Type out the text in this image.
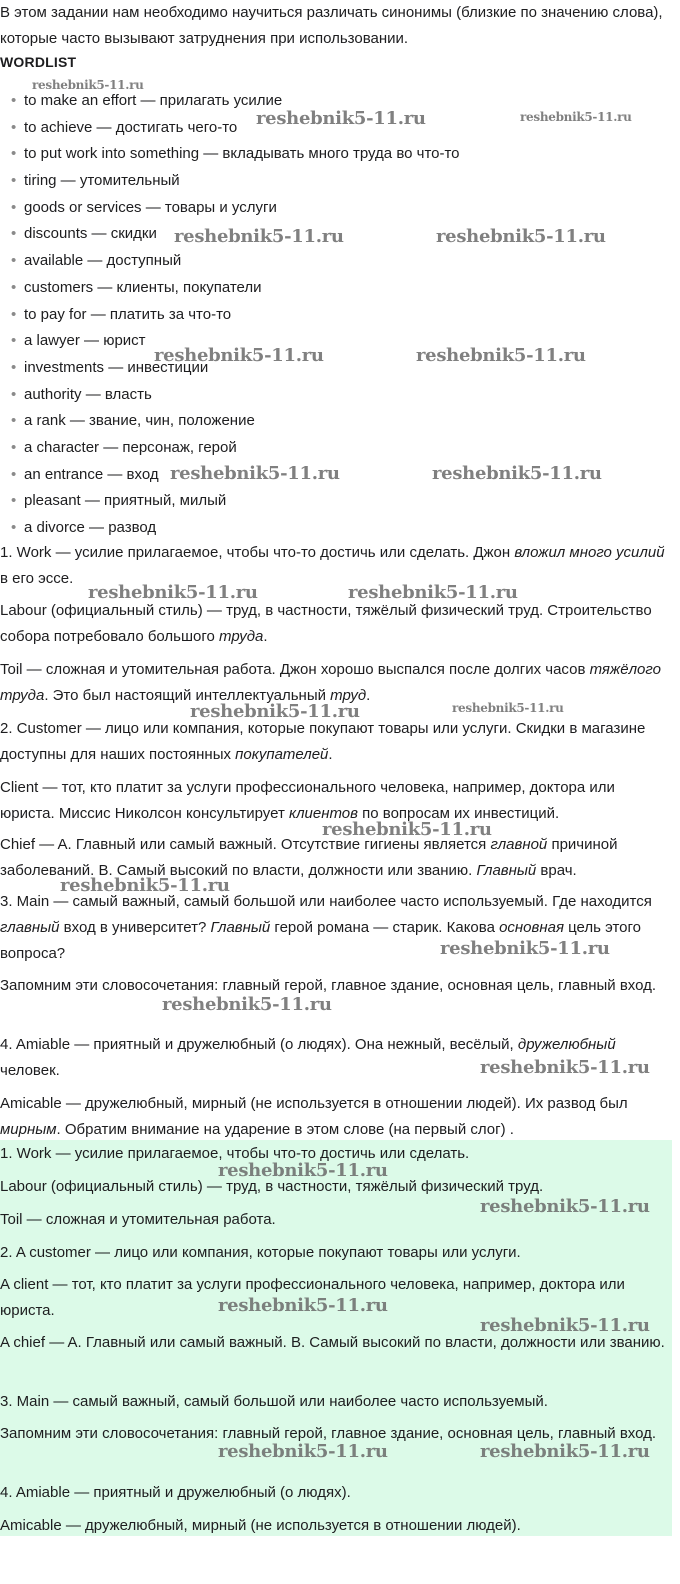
В этом задании нам необходимо научиться различать синонимы (близкие по значению слова), которые часто вызывают затруднения при использовании.

WORDLIST

• to make an effort — прилагать усилие
• to achieve — достигать чего-то
• to put work into something — вкладывать много труда во что-то
• tiring — утомительный
• goods or services — товары и услуги
• discounts — скидки
• available — доступный
• customers — клиенты, покупатели
• to pay for — платить за что-то
• a lawyer — юрист
• investments — инвестиции
• authority — власть
• a rank — звание, чин, положение
• a character — персонаж, герой
• an entrance — вход
• pleasant — приятный, милый
• a divorce — развод

1. Work — усилие прилагаемое, чтобы что-то достичь или сделать. Джон вложил много усилий в его эссе.

Labour (официальный стиль) — труд, в частности, тяжёлый физический труд. Строительство собора потребовало большого труда.

Toil — сложная и утомительная работа. Джон хорошо выспался после долгих часов тяжёлого труда. Это был настоящий интеллектуальный труд.

2. Customer — лицо или компания, которые покупают товары или услуги. Скидки в магазине доступны для наших постоянных покупателей.

Client — тот, кто платит за услуги профессионального человека, например, доктора или юриста. Миссис Николсон консультирует клиентов по вопросам их инвестиций.

Chief — A. Главный или самый важный. Отсутствие гигиены является главной причиной заболеваний. B. Самый высокий по власти, должности или званию. Главный врач.

3. Main — самый важный, самый большой или наиболее часто используемый. Где находится главный вход в университет? Главный герой романа — старик. Какова основная цель этого вопроса?

Запомним эти словосочетания: главный герой, главное здание, основная цель, главный вход.

4. Amiable — приятный и дружелюбный (о людях). Она нежный, весёлый, дружелюбный человек.

Amicable — дружелюбный, мирный (не используется в отношении людей). Их развод был мирным. Обратим внимание на ударение в этом слове (на первый слог) .

1. Work — усилие прилагаемое, чтобы что-то достичь или сделать.

Labour (официальный стиль) — труд, в частности, тяжёлый физический труд.

Toil — сложная и утомительная работа.

2. A customer — лицо или компания, которые покупают товары или услуги.

A client — тот, кто платит за услуги профессионального человека, например, доктора или юриста.

A chief — A. Главный или самый важный. B. Самый высокий по власти, должности или званию.

3. Main — самый важный, самый большой или наиболее часто используемый.

Запомним эти словосочетания: главный герой, главное здание, основная цель, главный вход.

4. Amiable — приятный и дружелюбный (о людях).

Amicable — дружелюбный, мирный (не используется в отношении людей).

reshebnik5-11.ru
reshebnik5-11.ru	reshebnik5-11.ru
reshebnik5-11.ru	reshebnik5-11.ru
reshebnik5-11.ru	reshebnik5-11.ru
reshebnik5-11.ru	reshebnik5-11.ru
reshebnik5-11.ru	reshebnik5-11.ru
reshebnik5-11.ru	reshebnik5-11.ru
reshebnik5-11.ru
reshebnik5-11.ru
reshebnik5-11.ru
reshebnik5-11.ru
reshebnik5-11.ru
reshebnik5-11.ru
reshebnik5-11.ru
reshebnik5-11.ru
reshebnik5-11.ru
reshebnik5-11.ru	reshebnik5-11.ru
